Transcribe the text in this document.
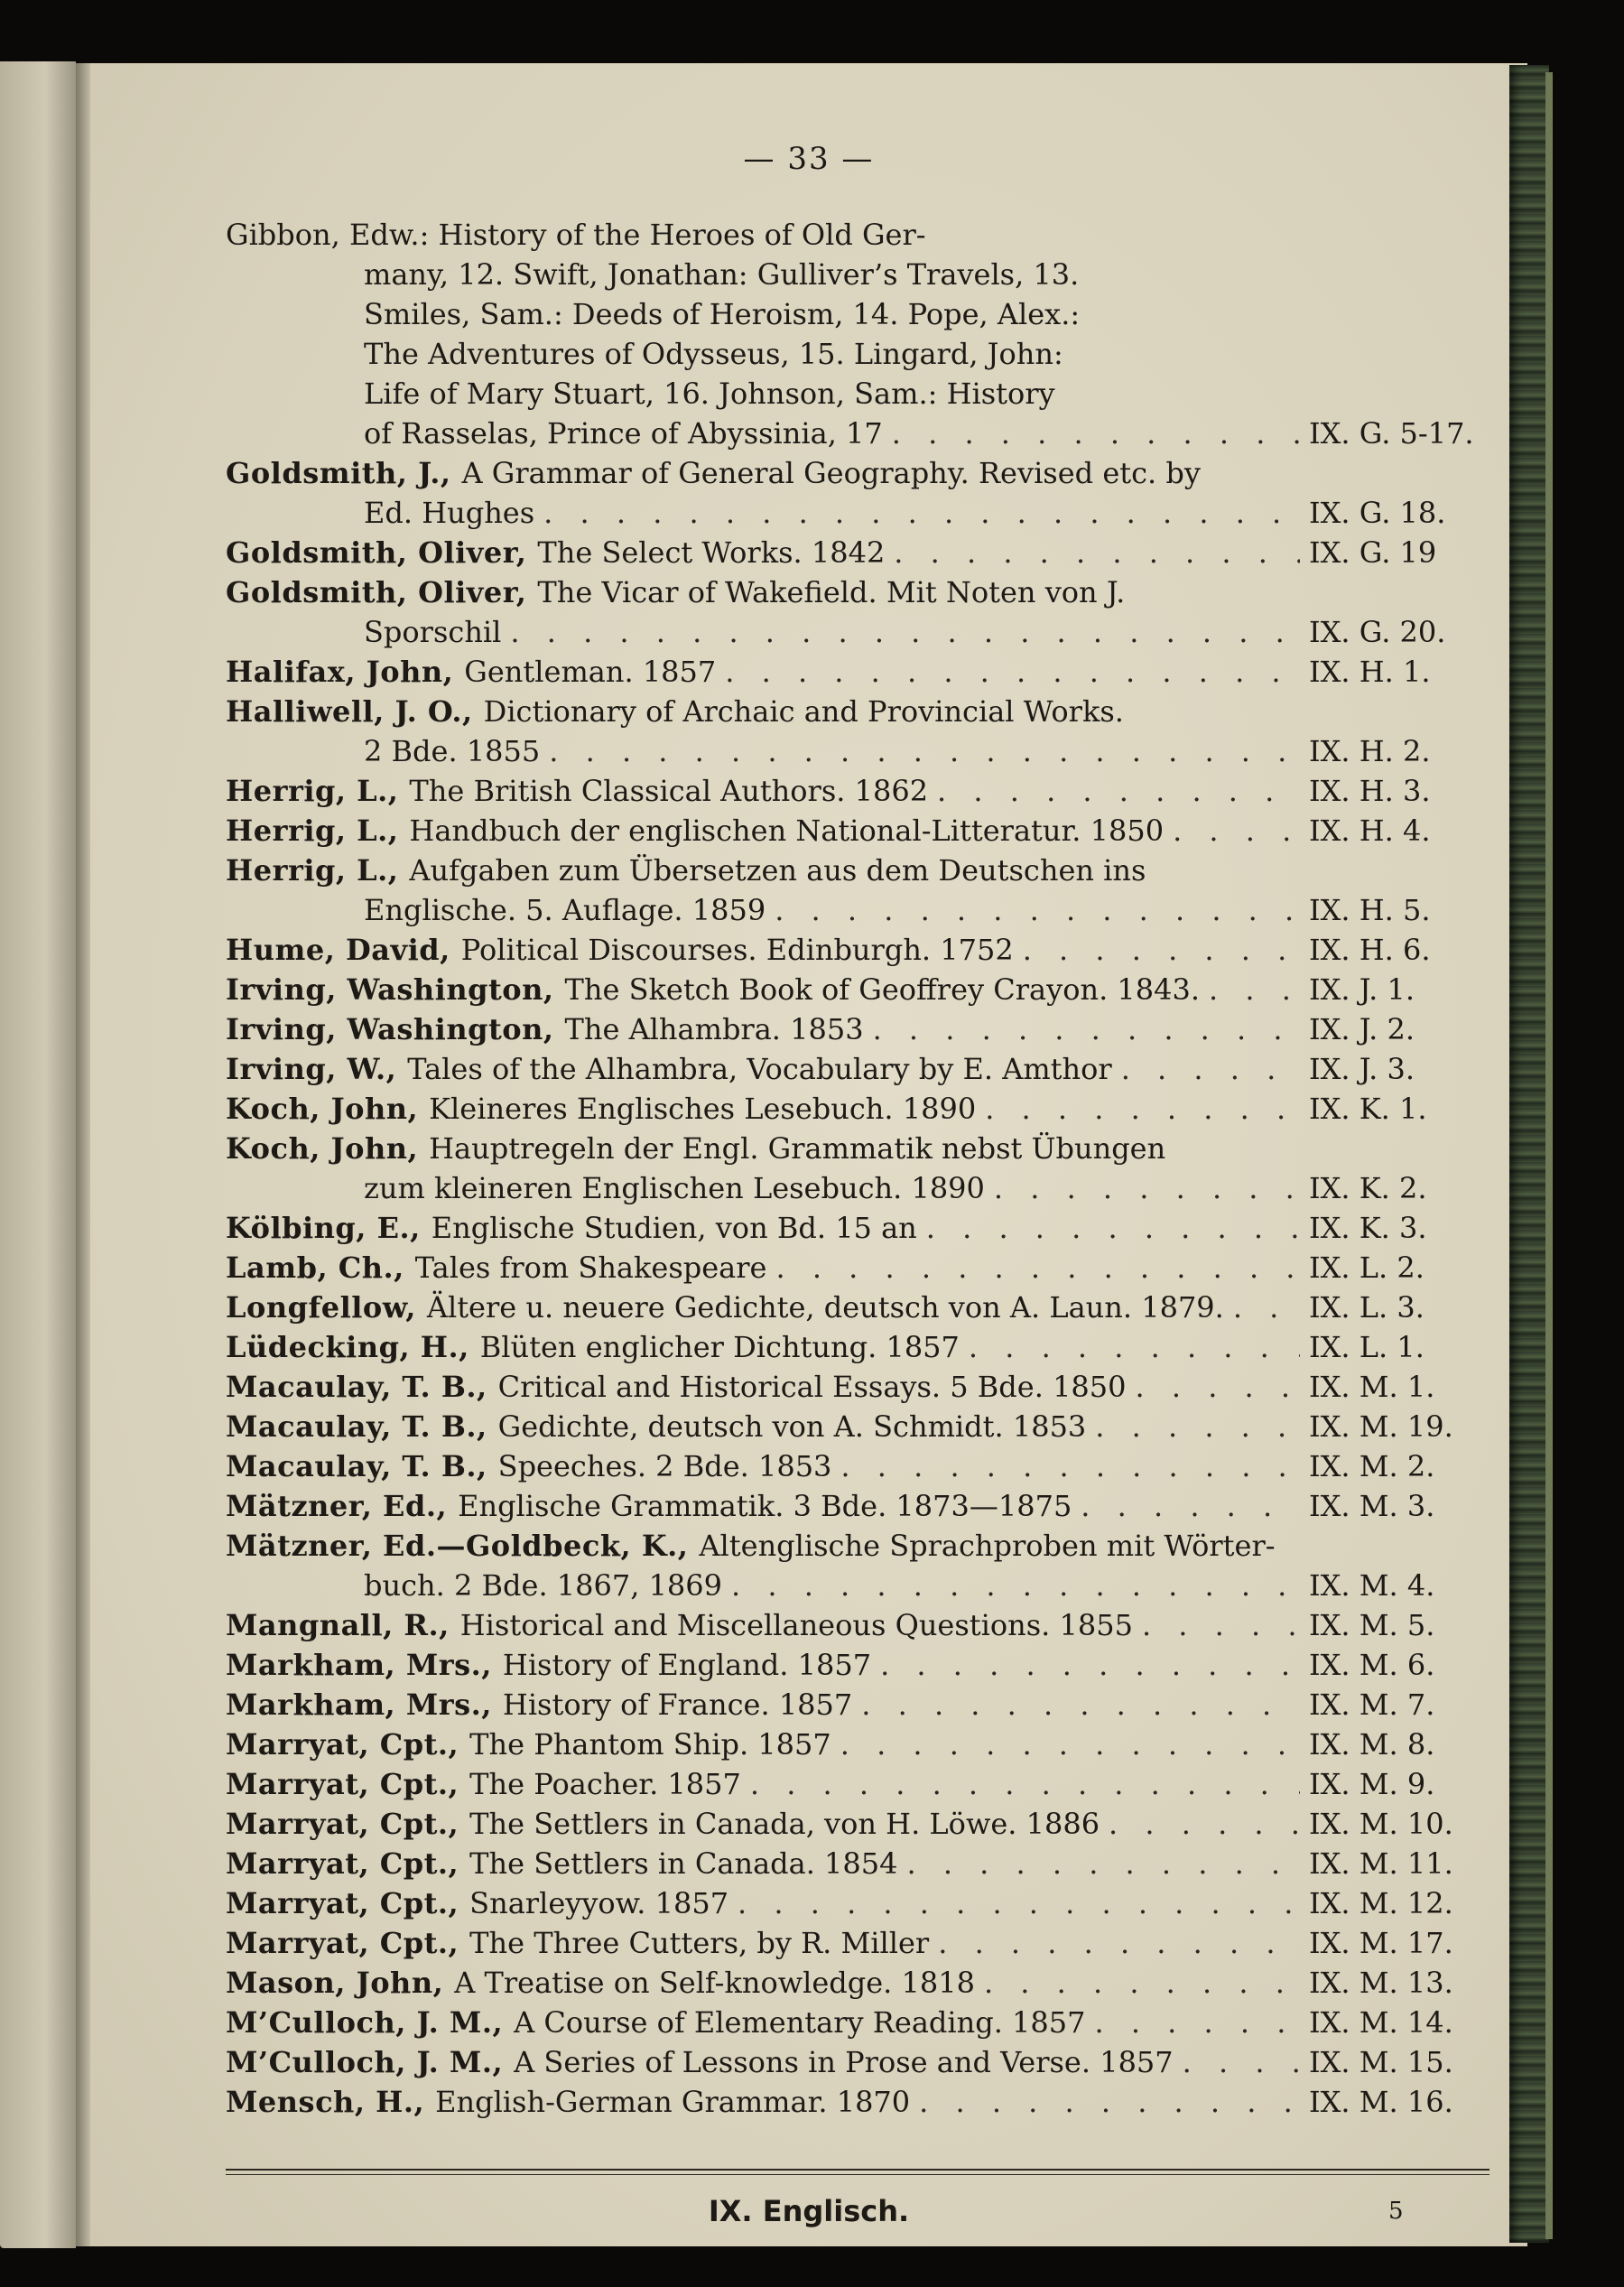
— 33 —
Gibbon, Edw.: History of the Heroes of Old Ger-
many, 12. Swift, Jonathan: Gulliver’s Travels, 13.
Smiles, Sam.: Deeds of Heroism, 14. Pope, Alex.:
The Adventures of Odysseus, 15. Lingard, John:
Life of Mary Stuart, 16. Johnson, Sam.: History
of Rasselas, Prince of Abyssinia, 17 . . .	IX. G. 5-17.
Goldsmith, J., A Grammar of General Geography. Revised etc. by
Ed. Hughes . . .	IX. G. 18.
Goldsmith, Oliver, The Select Works. 1842 . . .	IX. G. 19
Goldsmith, Oliver, The Vicar of Wakefield. Mit Noten von J.
Sporschil . . .	IX. G. 20.
Halifax, John, Gentleman. 1857 . . .	IX. H. 1.
Halliwell, J. O., Dictionary of Archaic and Provincial Works.
2 Bde. 1855 . . .	IX. H. 2.
Herrig, L., The British Classical Authors. 1862 . . .	IX. H. 3.
Herrig, L., Handbuch der englischen National-Litteratur. 1850 . . .	IX. H. 4.
Herrig, L., Aufgaben zum Übersetzen aus dem Deutschen ins
Englische. 5. Auflage. 1859 . . .	IX. H. 5.
Hume, David, Political Discourses. Edinburgh. 1752 . . .	IX. H. 6.
Irving, Washington, The Sketch Book of Geoffrey Crayon. 1843. . . .	IX. J. 1.
Irving, Washington, The Alhambra. 1853 . . .	IX. J. 2.
Irving, W., Tales of the Alhambra, Vocabulary by E. Amthor . . .	IX. J. 3.
Koch, John, Kleineres Englisches Lesebuch. 1890 . . .	IX. K. 1.
Koch, John, Hauptregeln der Engl. Grammatik nebst Übungen
zum kleineren Englischen Lesebuch. 1890 . . .	IX. K. 2.
Kölbing, E., Englische Studien, von Bd. 15 an . . .	IX. K. 3.
Lamb, Ch., Tales from Shakespeare . . .	IX. L. 2.
Longfellow, Ältere u. neuere Gedichte, deutsch von A. Laun. 1879. . . .	IX. L. 3.
Lüdecking, H., Blüten englicher Dichtung. 1857 . . .	IX. L. 1.
Macaulay, T. B., Critical and Historical Essays. 5 Bde. 1850 . . .	IX. M. 1.
Macaulay, T. B., Gedichte, deutsch von A. Schmidt. 1853 . . .	IX. M. 19.
Macaulay, T. B., Speeches. 2 Bde. 1853 . . .	IX. M. 2.
Mätzner, Ed., Englische Grammatik. 3 Bde. 1873—1875 . . .	IX. M. 3.
Mätzner, Ed.—Goldbeck, K., Altenglische Sprachproben mit Wörter-
buch. 2 Bde. 1867, 1869 . . .	IX. M. 4.
Mangnall, R., Historical and Miscellaneous Questions. 1855 . . .	IX. M. 5.
Markham, Mrs., History of England. 1857 . . .	IX. M. 6.
Markham, Mrs., History of France. 1857 . . .	IX. M. 7.
Marryat, Cpt., The Phantom Ship. 1857 . . .	IX. M. 8.
Marryat, Cpt., The Poacher. 1857 . . .	IX. M. 9.
Marryat, Cpt., The Settlers in Canada, von H. Löwe. 1886 . . .	IX. M. 10.
Marryat, Cpt., The Settlers in Canada. 1854 . . .	IX. M. 11.
Marryat, Cpt., Snarleyyow. 1857 . . .	IX. M. 12.
Marryat, Cpt., The Three Cutters, by R. Miller . . .	IX. M. 17.
Mason, John, A Treatise on Self-knowledge. 1818 . . .	IX. M. 13.
M’Culloch, J. M., A Course of Elementary Reading. 1857 . . .	IX. M. 14.
M’Culloch, J. M., A Series of Lessons in Prose and Verse. 1857 . . .	IX. M. 15.
Mensch, H., English-German Grammar. 1870 . . .	IX. M. 16.
IX. Englisch.	5
